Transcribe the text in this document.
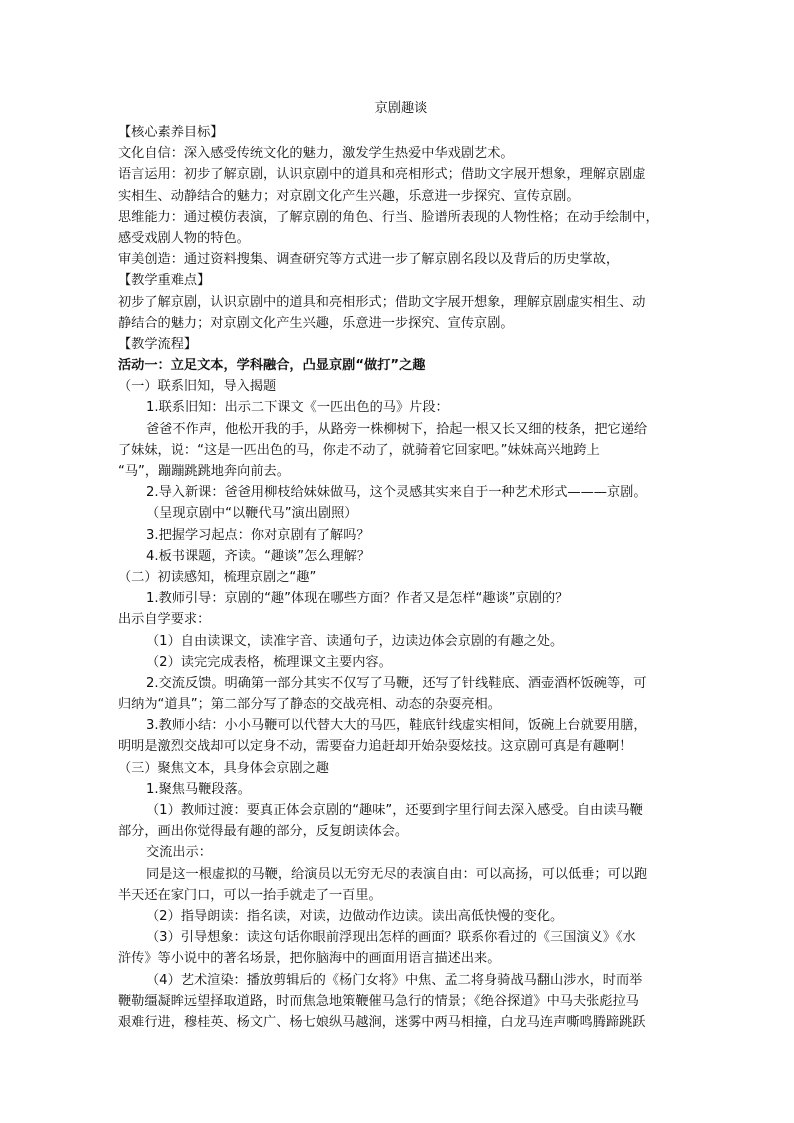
京剧趣谈
【核心素养目标】
文化自信：深入感受传统文化的魅力，激发学生热爱中华戏剧艺术。
语言运用：初步了解京剧，认识京剧中的道具和亮相形式；借助文字展开想象，理解京剧虚
实相生、动静结合的魅力；对京剧文化产生兴趣，乐意进一步探究、宣传京剧。
思维能力：通过模仿表演，了解京剧的角色、行当、脸谱所表现的人物性格；在动手绘制中，
感受戏剧人物的特色。
审美创造：通过资料搜集、调查研究等方式进一步了解京剧名段以及背后的历史掌故，
【教学重难点】
初步了解京剧，认识京剧中的道具和亮相形式；借助文字展开想象，理解京剧虚实相生、动
静结合的魅力；对京剧文化产生兴趣，乐意进一步探究、宣传京剧。
【教学流程】
活动一：立足文本，学科融合，凸显京剧“做打”之趣
（一）联系旧知，导入揭题
1.联系旧知：出示二下课文《一匹出色的马》片段：
爸爸不作声，他松开我的手，从路旁一株柳树下，拾起一根又长又细的枝条，把它递给
了妹妹，说：“这是一匹出色的马，你走不动了，就骑着它回家吧。”妹妹高兴地跨上
“马”，蹦蹦跳跳地奔向前去。
2.导入新课：爸爸用柳枝给妹妹做马，这个灵感其实来自于一种艺术形式———京剧。
（呈现京剧中“以鞭代马”演出剧照）
3.把握学习起点：你对京剧有了解吗？
4.板书课题，齐读。“趣谈”怎么理解？
（二）初读感知，梳理京剧之“趣”
1.教师引导：京剧的“趣”体现在哪些方面？作者又是怎样“趣谈”京剧的？
出示自学要求：
（1）自由读课文，读准字音、读通句子，边读边体会京剧的有趣之处。
（2）读完完成表格，梳理课文主要内容。
2.交流反馈。明确第一部分其实不仅写了马鞭，还写了针线鞋底、酒壶酒杯饭碗等，可
归纳为“道具”；第二部分写了静态的交战亮相、动态的杂耍亮相。
3.教师小结：小小马鞭可以代替大大的马匹，鞋底针线虚实相间，饭碗上台就要用膳，
明明是激烈交战却可以定身不动，需要奋力追赶却开始杂耍炫技。这京剧可真是有趣啊！
（三）聚焦文本，具身体会京剧之趣
1.聚焦马鞭段落。
（1）教师过渡：要真正体会京剧的“趣味”，还要到字里行间去深入感受。自由读马鞭
部分，画出你觉得最有趣的部分，反复朗读体会。
交流出示：
同是这一根虚拟的马鞭，给演员以无穷无尽的表演自由：可以高扬，可以低垂；可以跑
半天还在家门口，可以一抬手就走了一百里。
（2）指导朗读：指名读，对读，边做动作边读。读出高低快慢的变化。
（3）引导想象：读这句话你眼前浮现出怎样的画面？联系你看过的《三国演义》《水
浒传》等小说中的著名场景，把你脑海中的画面用语言描述出来。
（4）艺术渲染：播放剪辑后的《杨门女将》中焦、孟二将身骑战马翻山涉水，时而举
鞭勒缰凝眸远望择取道路，时而焦急地策鞭催马急行的情景；《绝谷探道》中马夫张彪拉马
艰难行进，穆桂英、杨文广、杨七娘纵马越涧，迷雾中两马相撞，白龙马连声嘶鸣腾蹄跳跃
